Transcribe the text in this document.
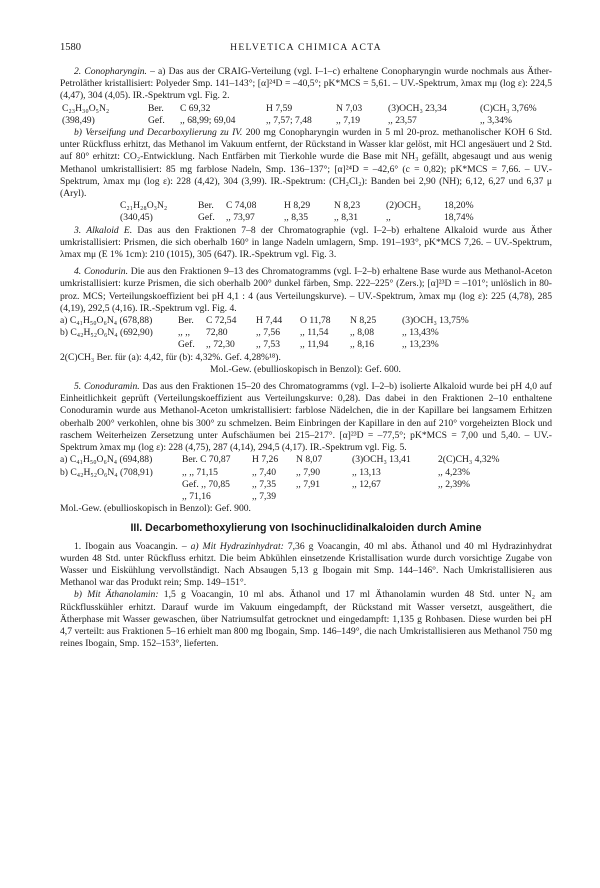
1580	HELVETICA CHIMICA ACTA

2. Conopharyngin. – a) Das aus der CRAIG-Verteilung (vgl. I–1–c) erhaltene Conopharyngin wurde nochmals aus Äther-Petroläther kristallisiert: Polyeder Smp. 141–143°; [α]²⁴D = –40,5°; pK*MCS = 5,61. – UV.-Spektrum, λmax mμ (log ε): 224,5 (4,47), 304 (4,05). IR.-Spektrum vgl. Fig. 2.

C₂₃H₃₀O₅N₂	Ber.	C 69,32	H 7,59	N 7,03	(3)OCH₃ 23,34	(C)CH₃ 3,76%
(398,49)	Gef.	,, 68,99; 69,04	,, 7,57; 7,48	,, 7,19	,, 23,57	,, 3,34%

b) Verseifung und Decarboxylierung zu IV. 200 mg Conopharyngin wurden in 5 ml 20-proz. methanolischer KOH 6 Std. unter Rückfluss erhitzt, das Methanol im Vakuum entfernt, der Rückstand in Wasser klar gelöst, mit HCl angesäuert und 2 Std. auf 80° erhitzt: CO₂-Entwicklung. Nach Entfärben mit Tierkohle wurde die Base mit NH₃ gefällt, abgesaugt und aus wenig Methanol umkristallisiert: 85 mg farblose Nadeln, Smp. 136–137°; [α]²⁴D = –42,6° (c = 0,82); pK*MCS = 7,66. – UV.-Spektrum, λmax mμ (log ε): 228 (4,42), 304 (3,99). IR.-Spektrum: (CH₂Cl₂): Banden bei 2,90 (NH); 6,12, 6,27 und 6,37 μ (Aryl).

C₂₁H₂₈O₃N₂	Ber.	C 74,08	H 8,29	N 8,23	(2)OCH₃	18,20%
(340,45)	Gef.	,, 73,97	,, 8,35	,, 8,31	,,	18,74%

3. Alkaloid E. Das aus den Fraktionen 7–8 der Chromatographie (vgl. I–2–b) erhaltene Alkaloid wurde aus Äther umkristallisiert: Prismen, die sich oberhalb 160° in lange Nadeln umlagern, Smp. 191–193°, pK*MCS 7,26. – UV.-Spektrum, λmax mμ (E 1% 1cm): 210 (1015), 305 (647). IR.-Spektrum vgl. Fig. 3.

4. Conodurin. Die aus den Fraktionen 9–13 des Chromatogramms (vgl. I–2–b) erhaltene Base wurde aus Methanol-Aceton umkristallisiert: kurze Prismen, die sich oberhalb 200° dunkel färben, Smp. 222–225° (Zers.); [α]²³D = –101°; unlöslich in 80-proz. MCS; Verteilungskoeffizient bei pH 4,1 : 4 (aus Verteilungskurve). – UV.-Spektrum, λmax mμ (log ε): 225 (4,78), 285 (4,19), 292,5 (4,16). IR.-Spektrum vgl. Fig. 4.

a) C₄₁H₅₀O₆N₄ (678,88)	Ber.	C 72,54	H 7,44	O 11,78	N 8,25	(3)OCH₃ 13,75%
b) C₄₂H₅₂O₆N₄ (692,90)	,, ,,	72,80	,, 7,56	,, 11,54	,, 8,08	,, 13,43%
Gef.	,, 72,30	,, 7,53	,, 11,94	,, 8,16	,, 13,23%
2(C)CH₃ Ber. für (a): 4,42, für (b): 4,32%. Gef. 4,28%¹⁸).
Mol.-Gew. (ebullioskopisch in Benzol): Gef. 600.

5. Conoduramin. Das aus den Fraktionen 15–20 des Chromatogramms (vgl. I–2–b) isolierte Alkaloid wurde bei pH 4,0 auf Einheitlichkeit geprüft (Verteilungskoeffizient aus Verteilungskurve: 0,28). Das dabei in den Fraktionen 2–10 enthaltene Conoduramin wurde aus Methanol-Aceton umkristallisiert: farblose Nädelchen, die in der Kapillare bei langsamem Erhitzen oberhalb 200° verkohlen, ohne bis 300° zu schmelzen. Beim Einbringen der Kapillare in den auf 210° vorgeheizten Block und raschem Weiterheizen Zersetzung unter Aufschäumen bei 215–217°. [α]²³D = –77,5°; pK*MCS = 7,00 und 5,40. – UV.-Spektrum λmax mμ (log ε): 228 (4,75), 287 (4,14), 294,5 (4,17). IR.-Spektrum vgl. Fig. 5.

a) C₄₁H₅₀O₆N₄ (694,88)	Ber. C 70,87	H 7,26	N 8,07	(3)OCH₃ 13,41	2(C)CH₃ 4,32%
b) C₄₂H₅₂O₆N₄ (708,91)	,, ,, 71,15	,, 7,40	,, 7,90	,, 13,13	,, 4,23%
Gef. ,, 70,85	,, 7,35	,, 7,91	,, 12,67	,, 2,39%
,, 71,16	,, 7,39
Mol.-Gew. (ebullioskopisch in Benzol): Gef. 900.
III. Decarbomethoxylierung von Isochinuclidinalkaloiden durch Amine

1. Ibogain aus Voacangin. – a) Mit Hydrazinhydrat: 7,36 g Voacangin, 40 ml abs. Äthanol und 40 ml Hydrazinhydrat wurden 48 Std. unter Rückfluss erhitzt. Die beim Abkühlen einsetzende Kristallisation wurde durch vorsichtige Zugabe von Wasser und Eiskühlung vervollständigt. Nach Absaugen 5,13 g Ibogain mit Smp. 144–146°. Nach Umkristallisieren aus Methanol war das Produkt rein; Smp. 149–151°.

b) Mit Äthanolamin: 1,5 g Voacangin, 10 ml abs. Äthanol und 17 ml Äthanolamin wurden 48 Std. unter N₂ am Rückflusskühler erhitzt. Darauf wurde im Vakuum eingedampft, der Rückstand mit Wasser versetzt, ausgeäthert, die Ätherphase mit Wasser gewaschen, über Natriumsulfat getrocknet und eingedampft: 1,135 g Rohbasen. Diese wurden bei pH 4,7 verteilt: aus Fraktionen 5–16 erhielt man 800 mg Ibogain, Smp. 146–149°, die nach Umkristallisieren aus Methanol 750 mg reines Ibogain, Smp. 152–153°, lieferten.
